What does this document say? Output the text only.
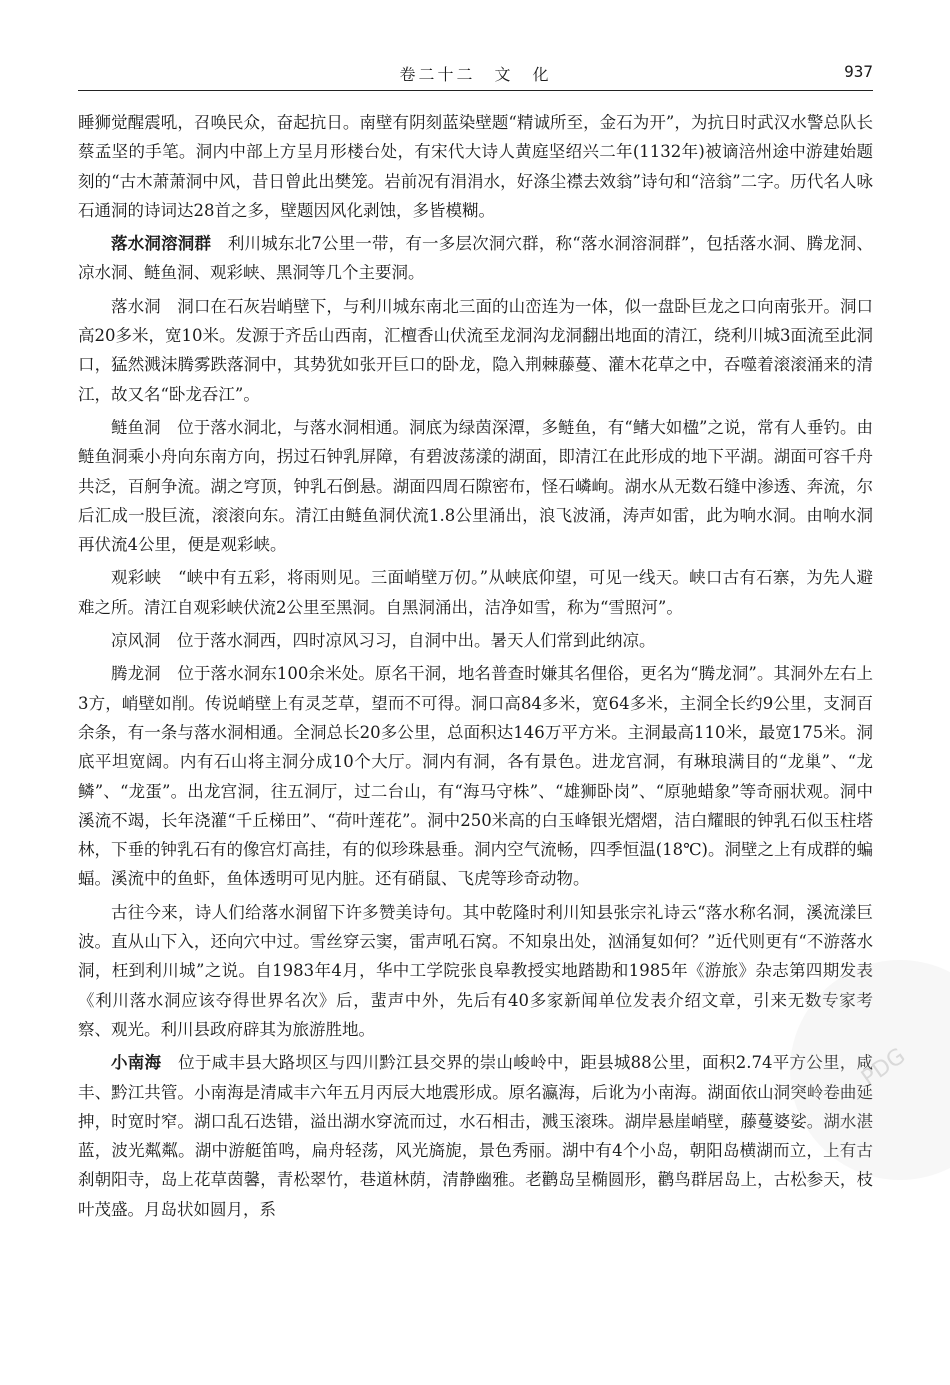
卷二十二　文　化	937

睡狮觉醒震吼，召唤民众，奋起抗日。南壁有阴刻蓝染壁题“精诚所至，金石为开”，为抗日时武汉水警总队长蔡孟坚的手笔。洞内中部上方呈月形楼台处，有宋代大诗人黄庭坚绍兴二年(1132年)被谪涪州途中游建始题刻的“古木萧萧洞中风，昔日曾此出樊笼。岩前况有涓涓水，好涤尘襟去效翁”诗句和“涪翁”二字。历代名人咏石通洞的诗词达28首之多，壁题因风化剥蚀，多皆模糊。

落水洞溶洞群　 利川城东北7公里一带，有一多层次洞穴群，称“落水洞溶洞群”，包括落水洞、腾龙洞、凉水洞、鲢鱼洞、观彩峡、黑洞等几个主要洞。

落水洞　 洞口在石灰岩峭壁下，与利川城东南北三面的山峦连为一体，似一盘卧巨龙之口向南张开。洞口高20多米，宽10米。发源于齐岳山西南，汇檀香山伏流至龙洞沟龙洞翻出地面的清江，绕利川城3面流至此洞口，猛然溅沫腾雾跌落洞中，其势犹如张开巨口的卧龙，隐入荆棘藤蔓、灌木花草之中，吞噬着滚滚涌来的清江，故又名“卧龙吞江”。

鲢鱼洞　 位于落水洞北，与落水洞相通。洞底为绿茵深潭，多鲢鱼，有“鳍大如楹”之说，常有人垂钓。由鲢鱼洞乘小舟向东南方向，拐过石钟乳屏障，有碧波荡漾的湖面，即清江在此形成的地下平湖。湖面可容千舟共泛，百舸争流。湖之穹顶，钟乳石倒悬。湖面四周石隙密布，怪石嶙峋。湖水从无数石缝中渗透、奔流，尔后汇成一股巨流，滚滚向东。清江由鲢鱼洞伏流1.8公里涌出，浪飞波涌，涛声如雷，此为响水洞。由响水洞再伏流4公里，便是观彩峡。

观彩峡　 “峡中有五彩，将雨则见。三面峭壁万仞。”从峡底仰望，可见一线天。峡口古有石寨，为先人避难之所。清江自观彩峡伏流2公里至黑洞。自黑洞涌出，洁净如雪，称为“雪照河”。

凉风洞　 位于落水洞西，四时凉风习习，自洞中出。暑天人们常到此纳凉。

腾龙洞　 位于落水洞东100余米处。原名干洞，地名普查时嫌其名俚俗，更名为“腾龙洞”。其洞外左右上3方，峭壁如削。传说峭壁上有灵芝草，望而不可得。洞口高84多米，宽64多米，主洞全长约9公里，支洞百余条，有一条与落水洞相通。全洞总长20多公里，总面积达146万平方米。主洞最高110米，最宽175米。洞底平坦宽阔。内有石山将主洞分成10个大厅。洞内有洞，各有景色。进龙宫洞，有琳琅满目的“龙巢”、“龙鳞”、“龙蛋”。出龙宫洞，往五洞厅，过二台山，有“海马守株”、“雄狮卧岗”、“原驰蜡象”等奇丽状观。洞中溪流不竭，长年浇灌“千丘梯田”、“荷叶莲花”。洞中250米高的白玉峰银光熠熠，洁白耀眼的钟乳石似玉柱塔林，下垂的钟乳石有的像宫灯高挂，有的似珍珠悬垂。洞内空气流畅，四季恒温(18℃)。洞壁之上有成群的蝙蝠。溪流中的鱼虾，鱼体透明可见内脏。还有硝鼠、飞虎等珍奇动物。

古往今来，诗人们给落水洞留下许多赞美诗句。其中乾隆时利川知县张宗礼诗云“落水称名洞，溪流漾巨波。直从山下入，还向穴中过。雪丝穿云窦，雷声吼石窝。不知泉出处，汹涌复如何？”近代则更有“不游落水洞，枉到利川城”之说。自1983年4月，华中工学院张良皋教授实地踏勘和1985年《游旅》杂志第四期发表《利川落水洞应该夺得世界名次》后，蜚声中外，先后有40多家新闻单位发表介绍文章，引来无数专家考察、观光。利川县政府辟其为旅游胜地。

小南海　 位于咸丰县大路坝区与四川黔江县交界的崇山峻岭中，距县城88公里，面积2.74平方公里，咸丰、黔江共管。小南海是清咸丰六年五月丙辰大地震形成。原名瀛海，后讹为小南海。湖面依山洞突岭卷曲延抻，时宽时窄。湖口乱石迭错，溢出湖水穿流而过，水石相击，溅玉滚珠。湖岸悬崖峭壁，藤蔓婆娑。湖水湛蓝，波光粼粼。湖中游艇笛鸣，扁舟轻荡，风光旖旎，景色秀丽。湖中有4个小岛，朝阳岛横湖而立，上有古刹朝阳寺，岛上花草茵馨，青松翠竹，巷道林荫，清静幽雅。老鹳岛呈椭圆形，鹳鸟群居岛上，古松参天，枝叶茂盛。月岛状如圆月，系

PDG
